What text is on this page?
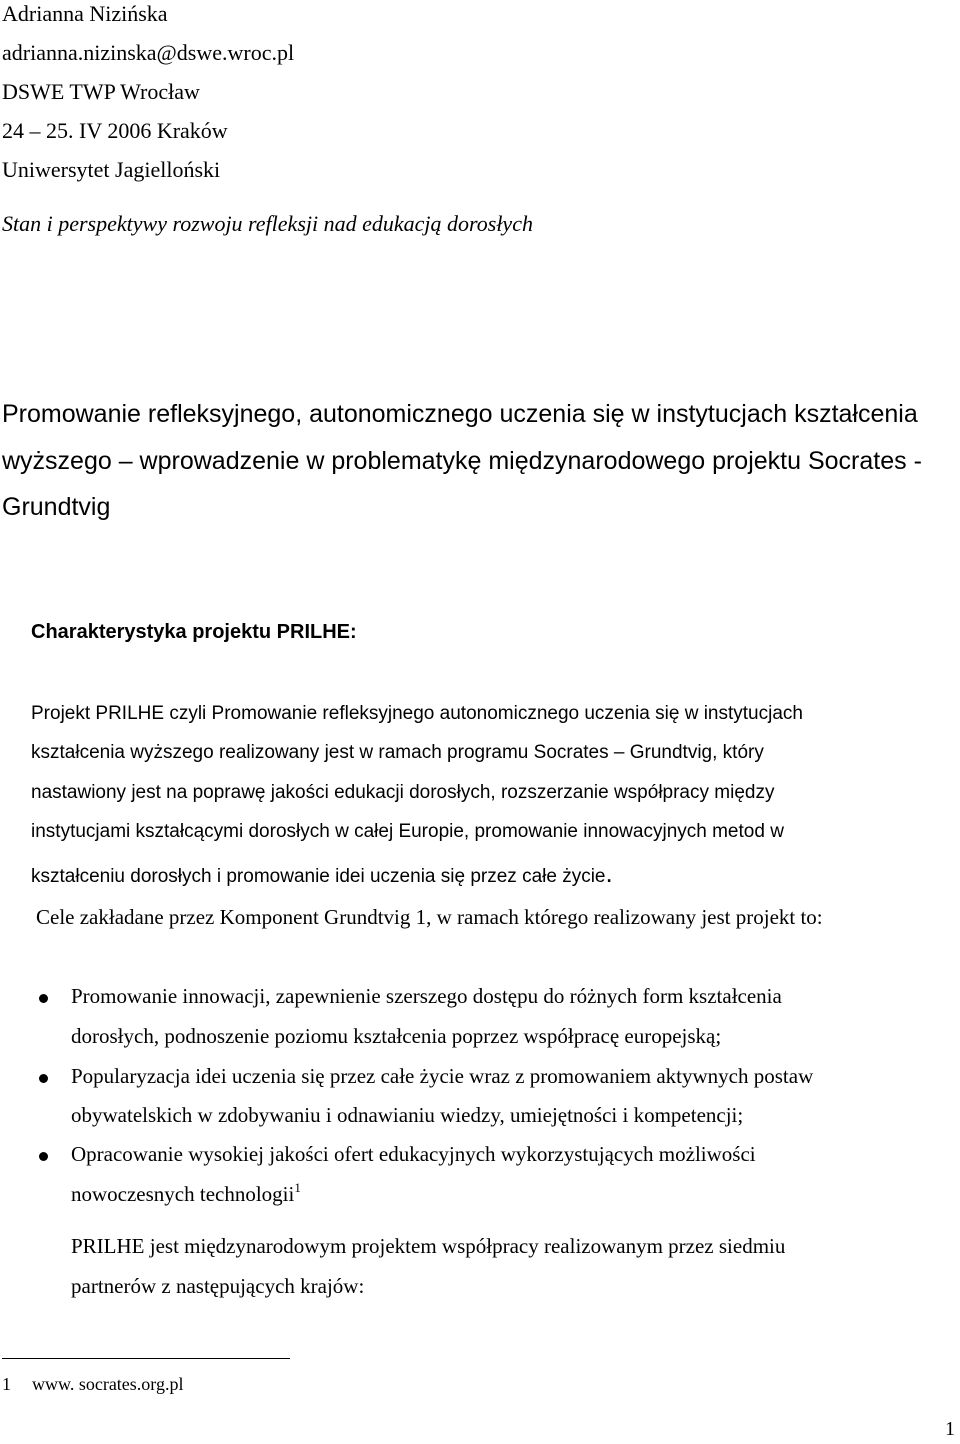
Adrianna Nizińska
adrianna.nizinska@dswe.wroc.pl
DSWE TWP Wrocław
24 – 25. IV 2006 Kraków
Uniwersytet Jagielloński
Stan i perspektywy rozwoju refleksji nad edukacją dorosłych
Promowanie refleksyjnego, autonomicznego uczenia się w instytucjach kształcenia
wyższego – wprowadzenie w problematykę międzynarodowego projektu Socrates -
Grundtvig
Charakterystyka projektu PRILHE:
Projekt PRILHE czyli Promowanie refleksyjnego autonomicznego uczenia się w instytucjach
kształcenia wyższego realizowany jest w ramach programu Socrates – Grundtvig, który
nastawiony jest na poprawę jakości edukacji dorosłych, rozszerzanie współpracy między
instytucjami kształcącymi dorosłych w całej Europie, promowanie innowacyjnych metod w
kształceniu dorosłych i promowanie idei uczenia się przez całe życie.
Cele zakładane przez Komponent Grundtvig 1, w ramach którego realizowany jest projekt to:
Promowanie innowacji, zapewnienie szerszego dostępu do różnych form kształcenia
dorosłych, podnoszenie poziomu kształcenia poprzez współpracę europejską;
Popularyzacja idei uczenia się przez całe życie wraz z promowaniem aktywnych postaw
obywatelskich w zdobywaniu i odnawianiu wiedzy, umiejętności i kompetencji;
Opracowanie wysokiej jakości ofert edukacyjnych wykorzystujących możliwości
nowoczesnych technologii$^1$
PRILHE jest międzynarodowym projektem współpracy realizowanym przez siedmiu
partnerów z następujących krajów:
1 www. socrates.org.pl
1
